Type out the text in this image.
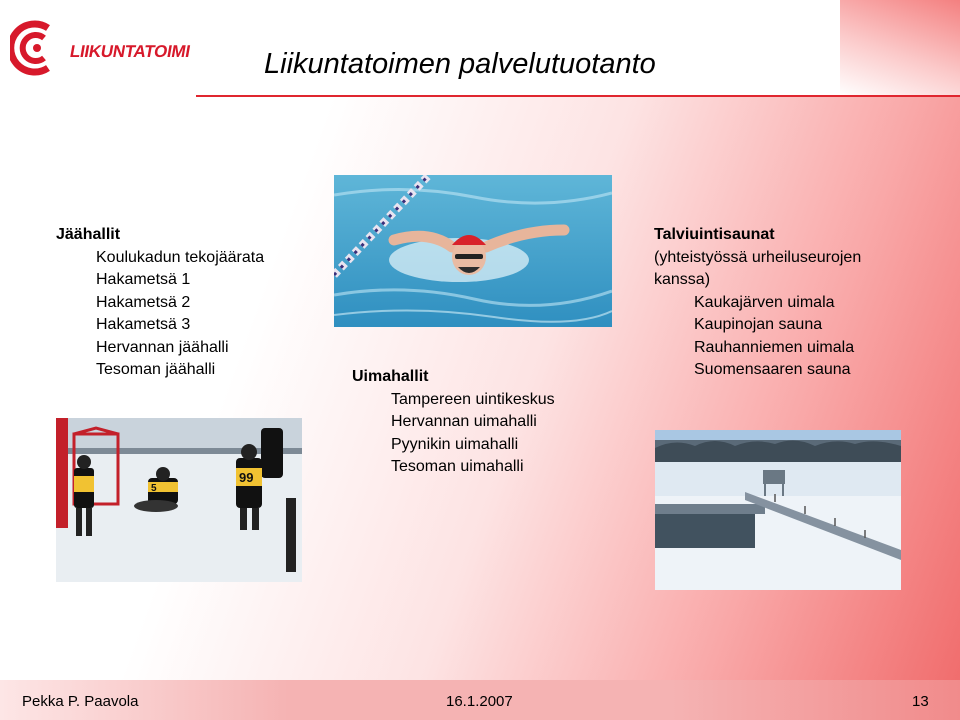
LIIKUNTATOIMI Liikuntatoimen palvelutuotanto
Jäähallit
Koulukadun tekojäärata
Hakametsä 1
Hakametsä 2
Hakametsä 3
Hervannan jäähalli
Tesoman jäähalli	Uimahallit
Tampereen uintikeskus
Hervannan uimahalli
Pyynikin uimahalli
Tesoman uimahalli
Talviuintisaunat
(yhteistyössä urheiluseurojen
kanssa)
Kaukajärven uimala
Kaupinojan sauna
Rauhanniemen uimala
Suomensaaren sauna
99
5
Pekka P. Paavola	16.1.2007	13
